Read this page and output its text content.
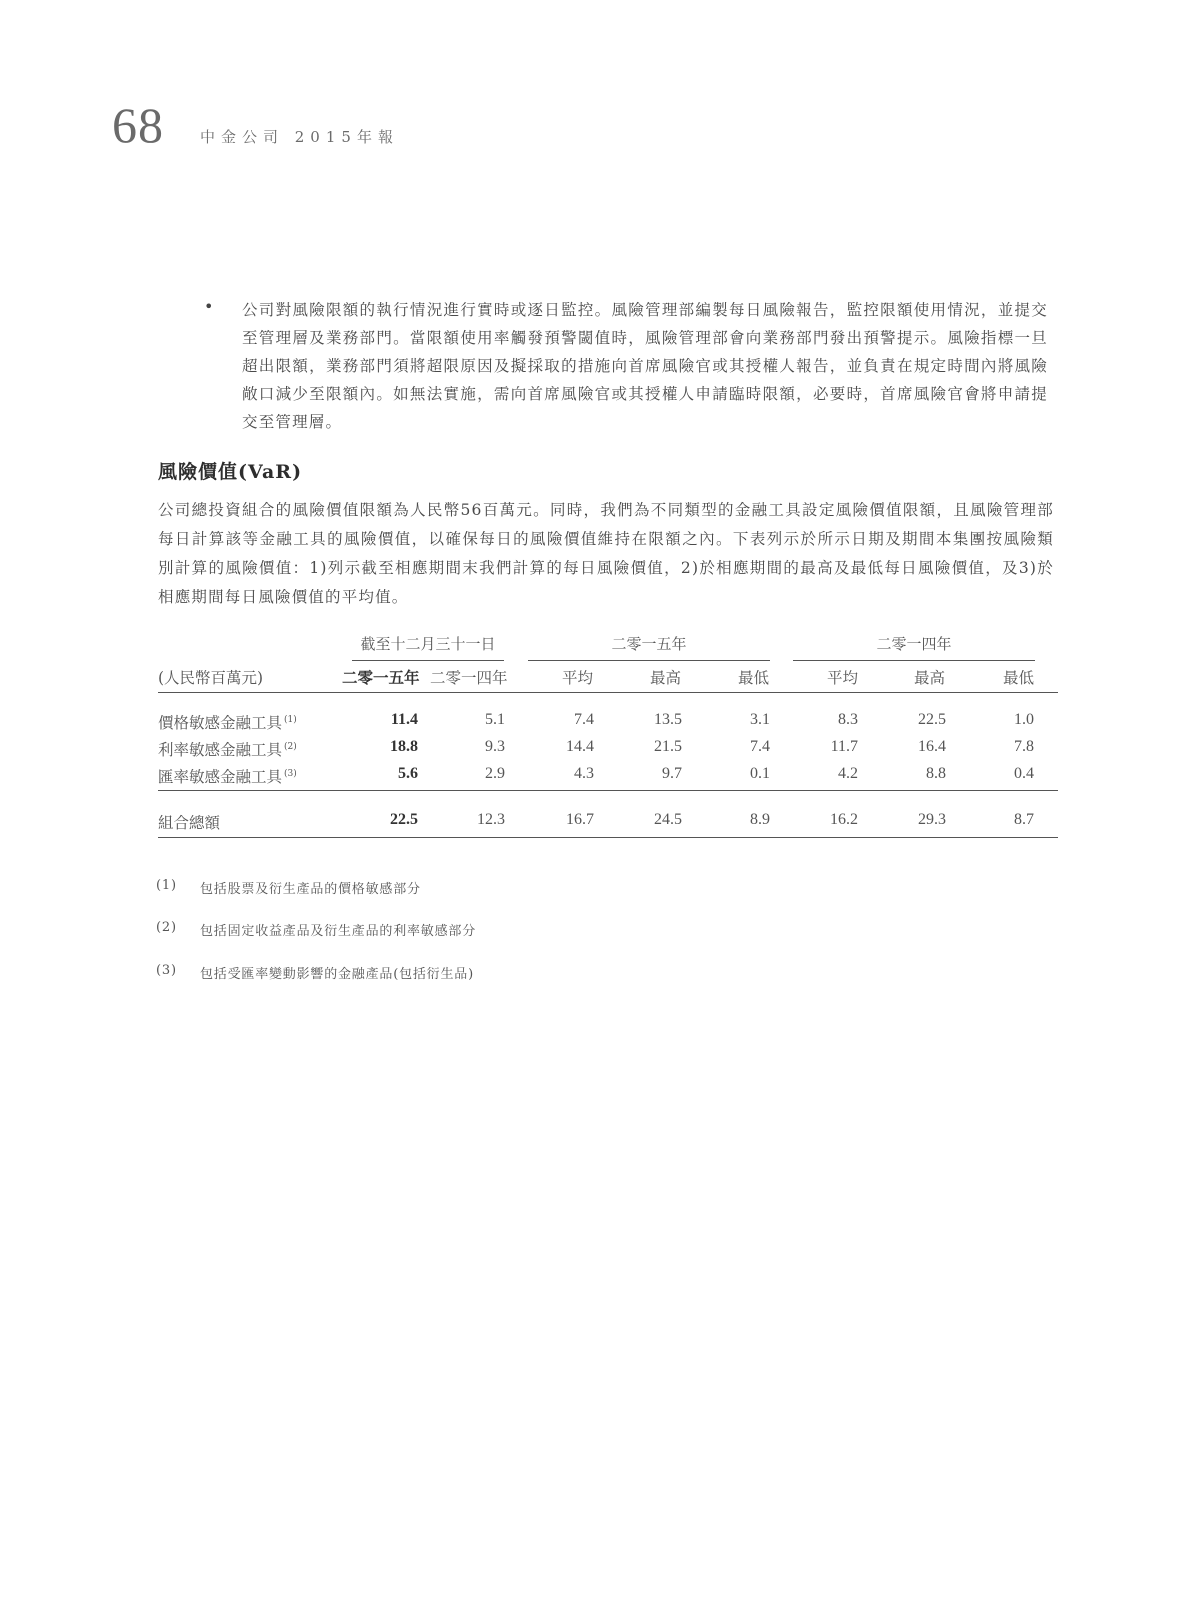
68 中金公司 2015年報
•	公司對風險限額的執行情況進行實時或逐日監控。風險管理部編製每日風險報告，監控限額使用情況，並提交至管理層及業務部門。當限額使用率觸發預警閾值時，風險管理部會向業務部門發出預警提示。風險指標一旦超出限額，業務部門須將超限原因及擬採取的措施向首席風險官或其授權人報告，並負責在規定時間內將風險敞口減少至限額內。如無法實施，需向首席風險官或其授權人申請臨時限額，必要時，首席風險官會將申請提交至管理層。
風險價值(VaR)
公司總投資組合的風險價值限額為人民幣56百萬元。同時，我們為不同類型的金融工具設定風險價值限額，且風險管理部每日計算該等金融工具的風險價值，以確保每日的風險價值維持在限額之內。下表列示於所示日期及期間本集團按風險類別計算的風險價值：1)列示截至相應期間末我們計算的每日風險價值，2)於相應期間的最高及最低每日風險價值，及3)於相應期間每日風險價值的平均值。
截至十二月三十一日	二零一五年	二零一四年
(人民幣百萬元)	二零一五年 二零一四年	平均	最高	最低	平均	最高	最低
價格敏感金融工具 $^{(1)}$	11.4	5.1	7.4	13.5	3.1	8.3	22.5	1.0
利率敏感金融工具 $^{(2)}$	18.8	9.3	14.4	21.5	7.4	11.7	16.4	7.8
匯率敏感金融工具 $^{(3)}$	5.6	2.9	4.3	9.7	0.1	4.2	8.8	0.4
組合總額	22.5	12.3	16.7	24.5	8.9	16.2	29.3	8.7
(1)	包括股票及衍生產品的價格敏感部分
(2)	包括固定收益產品及衍生產品的利率敏感部分
(3)	包括受匯率變動影響的金融產品(包括衍生品)
